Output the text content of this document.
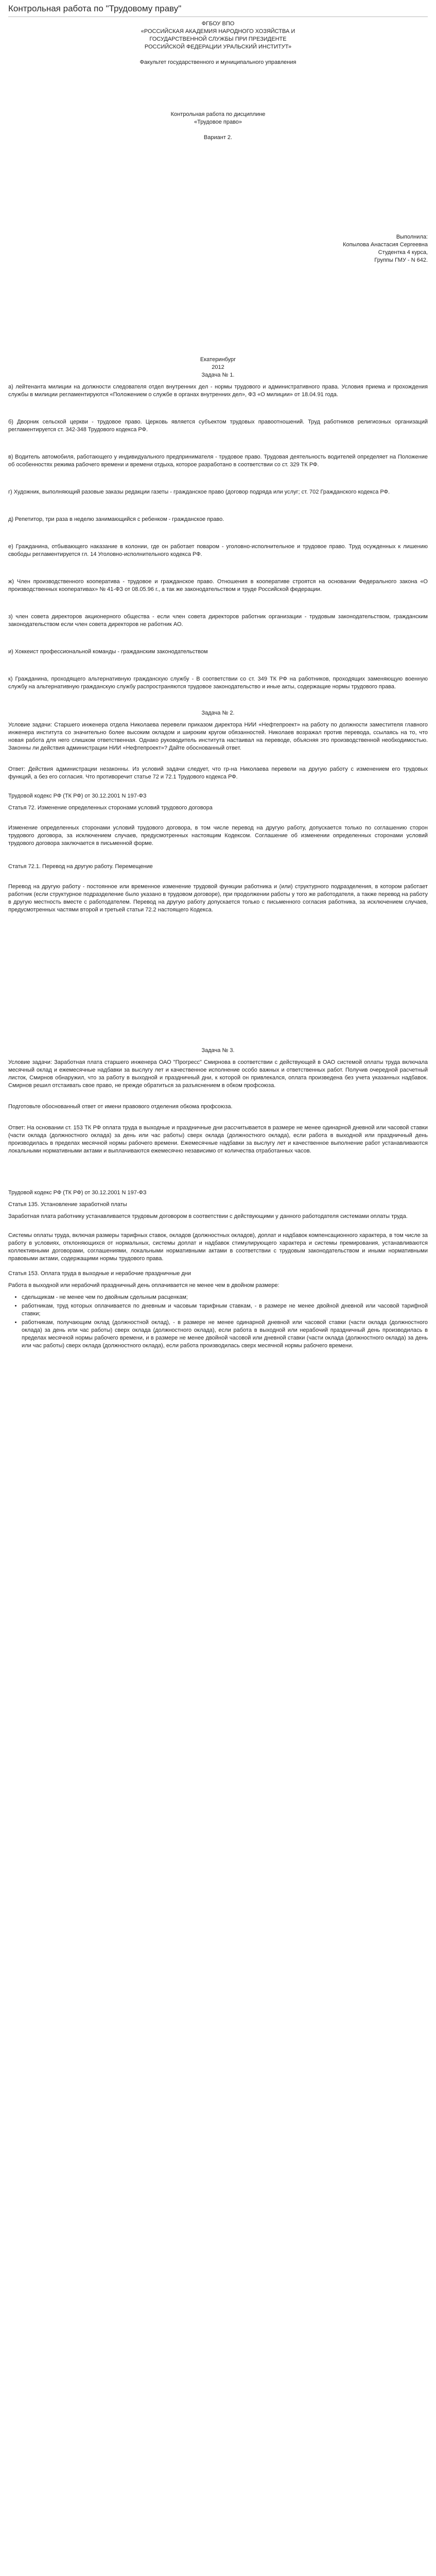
Контрольная работа по "Трудовому праву"

ФГБОУ ВПО

«РОССИЙСКАЯ АКАДЕМИЯ НАРОДНОГО ХОЗЯЙСТВА И

ГОСУДАРСТВЕННОЙ СЛУЖБЫ ПРИ ПРЕЗИДЕНТЕ

РОССИЙСКОЙ ФЕДЕРАЦИИ УРАЛЬСКИЙ ИНСТИТУТ»

Факультет государственного и муниципального управления

Контрольная работа по дисциплине

«Трудовое право»

Вариант 2.

Выполнила:

Копылова Анастасия Сергеевна

Студентка 4 курса,

Группы ГМУ - N 642.

Екатеринбург

2012

Задача № 1.

а) лейтенанта милиции на должности следователя отдел внутренних дел - нормы трудового и административного права. Условия приема и прохождения службы в милиции регламентируются «Положением о службе в органах внутренних дел», ФЗ «О милиции» от 18.04.91 года.

б) Дворник сельской церкви - трудовое право. Церковь является субъектом трудовых правоотношений. Труд работников религиозных организаций регламентируется ст. 342-348 Трудового кодекса РФ.

в) Водитель автомобиля, работающего у индивидуального предпринимателя - трудовое право. Трудовая деятельность водителей определяет на Положение об особенностях режима рабочего времени и времени отдыха, которое разработано в соответствии со ст. 329 ТК РФ.

г) Художник, выполняющий разовые заказы редакции газеты - гражданское право (договор подряда или услуг; ст. 702 Гражданского кодекса РФ.

д) Репетитор, три раза в неделю занимающийся с ребенком - гражданское право.

е) Гражданина, отбывающего наказание в колонии, где он работает поваром - уголовно-исполнительное и трудовое право. Труд осужденных к лишению свободы регламентируется гл. 14 Уголовно-исполнительного кодекса РФ.

ж) Член производственного кооператива - трудовое и гражданское право. Отношения в кооперативе строятся на основании Федерального закона «О производственных кооперативах» № 41-ФЗ от 08.05.96 г., а так же законодательством и труде Российской федерации.

з) член совета директоров акционерного общества - если член совета директоров работник организации - трудовым законодательством, гражданским законодательством если член совета директоров не работник АО.

и) Хоккеист профессиональной команды - гражданским законодательством

к) Гражданина, проходящего альтернативную гражданскую службу - В соответствии со ст. 349 ТК РФ на работников, проходящих заменяющую военную службу на альтернативную гражданскую службу распространяются трудовое законодательство и иные акты, содержащие нормы трудового права.

Задача № 2.

Условие задачи: Старшего инженера отдела Николаева перевели приказом директора НИИ «Нефтепроект» на работу по должности заместителя главного инженера института со значительно более высоким окладом и широким кругом обязанностей. Николаев возражал против перевода, ссылаясь на то, что новая работа для него слишком ответственная. Однако руководитель института настаивал на переводе, объясняя это производственной необходимостью. Законны ли действия администрации НИИ «Нефтепроект»? Дайте обоснованный ответ.

Ответ: Действия администрации незаконны. Из условий задачи следует, что гр-на Николаева перевели на другую работу с изменением его трудовых функций, а без его согласия. Что противоречит статье 72 и 72.1 Трудового кодекса РФ.

Трудовой кодекс РФ (ТК РФ) от 30.12.2001 N 197-ФЗ

Статья 72. Изменение определенных сторонами условий трудового договора

Изменение определенных сторонами условий трудового договора, в том числе перевод на другую работу, допускается только по соглашению сторон трудового договора, за исключением случаев, предусмотренных настоящим Кодексом. Соглашение об изменении определенных сторонами условий трудового договора заключается в письменной форме.

Статья 72.1. Перевод на другую работу. Перемещение

Перевод на другую работу - постоянное или временное изменение трудовой функции работника и (или) структурного подразделения, в котором работает работник (если структурное подразделение было указано в трудовом договоре), при продолжении работы у того же работодателя, а также перевод на работу в другую местность вместе с работодателем. Перевод на другую работу допускается только с письменного согласия работника, за исключением случаев, предусмотренных частями второй и третьей статьи 72.2 настоящего Кодекса.

Задача № 3.

Условие задачи: Заработная плата старшего инженера ОАО "Прогресс" Смирнова в соответствии с действующей в ОАО системой оплаты труда включала месячный оклад и ежемесячные надбавки за выслугу лет и качественное исполнение особо важных и ответственных работ. Получив очередной расчетный листок, Смирнов обнаружил, что за работу в выходной и праздничный дни, к которой он привлекался, оплата произведена без учета указанных надбавок. Смирнов решил отстаивать свое право, не прежде обратиться за разъяснением в обком профсоюза.

Подготовьте обоснованный ответ от имени правового отделения обкома профсоюза.

Ответ: На основании ст. 153 ТК РФ оплата труда в выходные и праздничные дни рассчитывается в размере не менее одинарной дневной или часовой ставки (части оклада (должностного оклада) за день или час работы) сверх оклада (должностного оклада), если работа в выходной или праздничный день производилась в пределах месячной нормы рабочего времени. Ежемесячные надбавки за выслугу лет и качественное выполнение работ устанавливаются локальными нормативными актами и выплачиваются ежемесячно независимо от количества отработанных часов.

Трудовой кодекс РФ (ТК РФ) от 30.12.2001 N 197-ФЗ

Статья 135. Установление заработной платы

Заработная плата работнику устанавливается трудовым договором в соответствии с действующими у данного работодателя системами оплаты труда.

Системы оплаты труда, включая размеры тарифных ставок, окладов (должностных окладов), доплат и надбавок компенсационного характера, в том числе за работу в условиях, отклоняющихся от нормальных, системы доплат и надбавок стимулирующего характера и системы премирования, устанавливаются коллективными договорами, соглашениями, локальными нормативными актами в соответствии с трудовым законодательством и иными нормативными правовыми актами, содержащими нормы трудового права.

Статья 153. Оплата труда в выходные и нерабочие праздничные дни

Работа в выходной или нерабочий праздничный день оплачивается не менее чем в двойном размере:

• сдельщикам - не менее чем по двойным сдельным расценкам;
• работникам, труд которых оплачивается по дневным и часовым тарифным ставкам, - в размере не менее двойной дневной или часовой тарифной ставки;
• работникам, получающим оклад (должностной оклад), - в размере не менее одинарной дневной или часовой ставки (части оклада (должностного оклада) за день или час работы) сверх оклада (должностного оклада), если работа в выходной или нерабочий праздничный день производилась в пределах месячной нормы рабочего времени, и в размере не менее двойной часовой или дневной ставки (части оклада (должностного оклада) за день или час работы) сверх оклада (должностного оклада), если работа производилась сверх месячной нормы рабочего времени.
